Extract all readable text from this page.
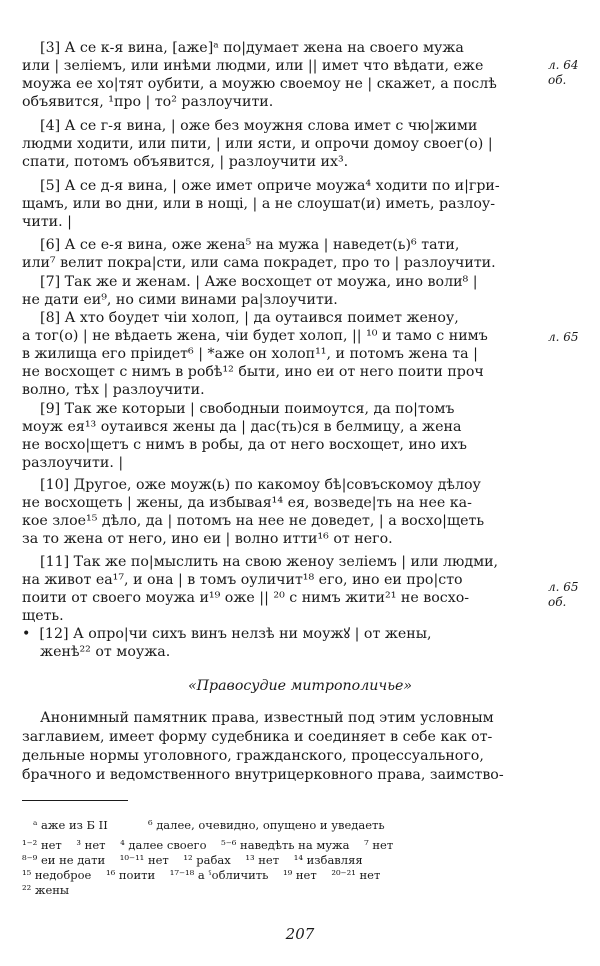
[3] А се к-я вина, [аже]ᵃ по|думает жена на своего мужа
или | зелiемъ, или инѣми людми, или || имет что вѣдати, еже
моужа ее хо|тят оубити, а моужю своемоу не | скажет, а послѣ
объявится, ¹про | то² разлоучити.
[4] А се г-я вина, | оже без моужня слова имет с чю|жими
людми ходити, или пити, | или ясти, и опрочи домоу своег(о) |
спати, потомъ объявится, | разлоучити их³.
[5] А се д-я вина, | оже имет оприче моужа⁴ ходити по и|гри-
щамъ, или во дни, или в нощi, | а не слоушат(и) иметь, разлоу-
чити. |
[6] А се е-я вина, оже жена⁵ на мужа | наведет(ь)⁶ тати,
или⁷ велит покра|сти, или сама покрадет, про то | разлоучити.
[7] Так же и женам. | Аже восхощет от моужа, ино воли⁸ |
не дати еи⁹, но сими винами ра|злоучити.
[8] А хто боудет чiи холоп, | да оутаився поимет женоу,
а тог(о) | не вѣдаеть жена, чiи будет холоп, || ¹⁰ и тамо с нимъ
в жилища его прiидет⁶ | *аже он холоп¹¹, и потомъ жена та |
не восхощет с нимъ в робѣ¹² быти, ино еи от него поити проч
волно, тѣх | разлоучити.
[9] Так же которыи | свободныи поимоутся, да по|томъ
моуж ея¹³ оутаився жены да | дас(ть)ся в белмицу, а жена
не восхо|щетъ с нимъ в робы, да от него восхощет, ино ихъ
разлоучити. |
[10] Другое, оже моуж(ь) по какомоу бѣ|совъскомоу дѣлоу
не восхощеть | жены, да избывая¹⁴ ея, возведе|ть на нее ка-
кое злое¹⁵ дѣло, да | потомъ на нее не доведет, | а восхо|щеть
за то жена от него, ино еи | волно итти¹⁶ от него.
[11] Так же по|мыслить на свою женоу зелiемъ | или людми,
на живот еа¹⁷, и она | в томъ оуличит¹⁸ его, ино еи про|сто
поити от своего моужа и¹⁹ оже || ²⁰ с нимъ жити²¹ не восхо-
щеть.
•  [12] А опро|чи сихъ винъ нелзѣ ни моужꙋ | от жены,
женѣ²² от моужа.
л. 64
об.
л. 65
л. 65
об.
«Правосудие митрополичье»
Анонимный памятник права, известный под этим условным
заглавием, имеет форму судебника и соединяет в себе как от-
дельные нормы уголовного, гражданского, процессуального,
брачного и ведомственного внутрицерковного права, заимство-
ᵃ аже из Б II           ⁶ далее, очевидно, опущено и уведаеть
¹⁻² нет    ³ нет    ⁴ далее своего    ⁵⁻⁶ наведѣть на мужа    ⁷ нет
⁸⁻⁹ еи не дати    ¹⁰⁻¹¹ нет    ¹² рабах    ¹³ нет    ¹⁴ избавляя
¹⁵ недоброе    ¹⁶ поити    ¹⁷⁻¹⁸ а ˁобличить    ¹⁹ нет    ²⁰⁻²¹ нет
²² жены
207
